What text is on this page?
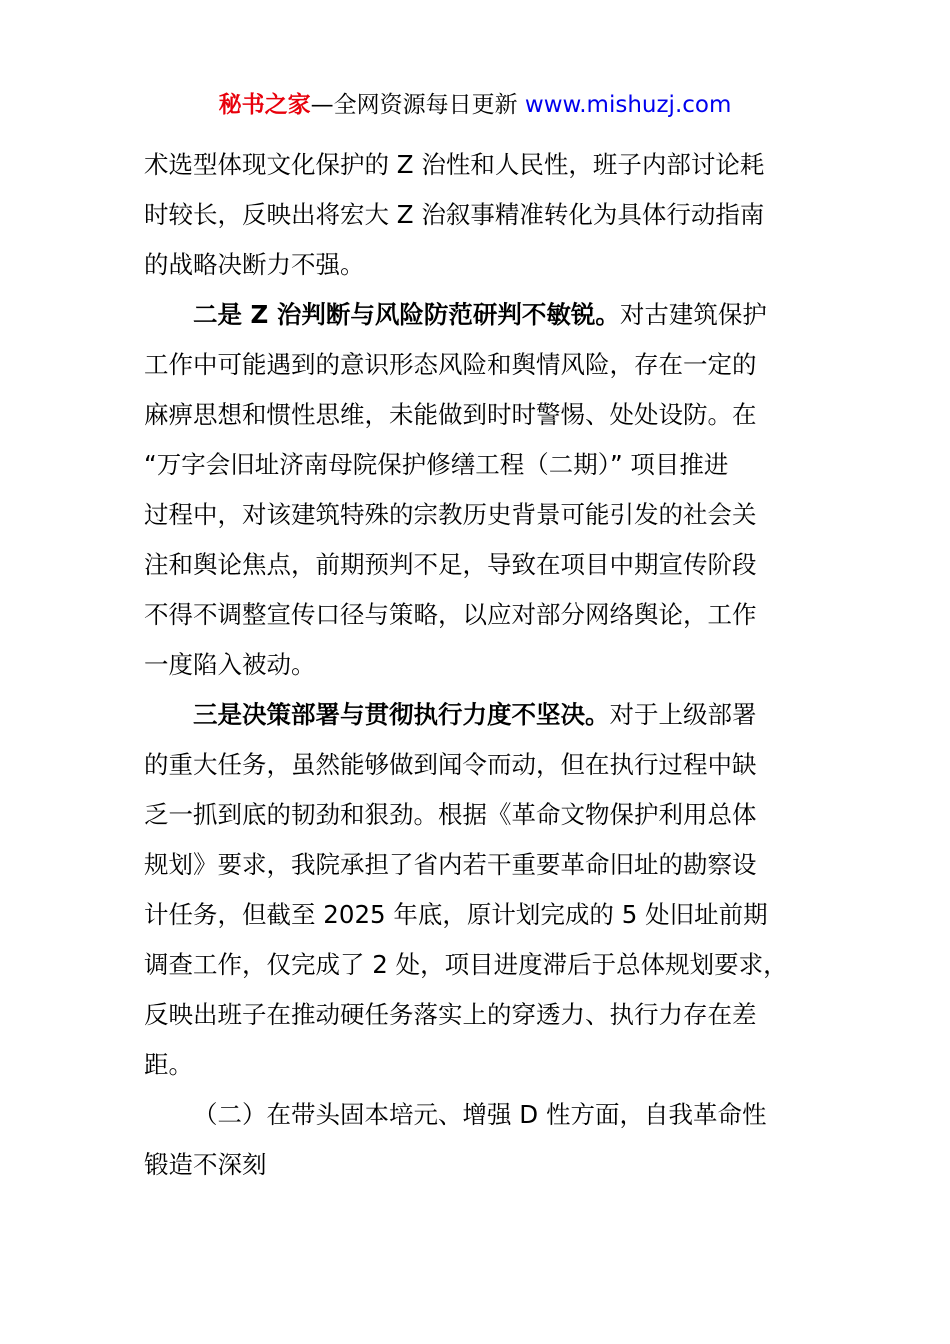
秘书之家—全网资源每日更新 www.mishuzj.com
术选型体现文化保护的 Z 治性和人民性，班子内部讨论耗
时较长，反映出将宏大 Z 治叙事精准转化为具体行动指南
的战略决断力不强。
二是 Z 治判断与风险防范研判不敏锐。对古建筑保护
工作中可能遇到的意识形态风险和舆情风险，存在一定的
麻痹思想和惯性思维，未能做到时时警惕、处处设防。在
“万字会旧址济南母院保护修缮工程（二期）” 项目推进
过程中，对该建筑特殊的宗教历史背景可能引发的社会关
注和舆论焦点，前期预判不足，导致在项目中期宣传阶段
不得不调整宣传口径与策略，以应对部分网络舆论，工作
一度陷入被动。
三是决策部署与贯彻执行力度不坚决。对于上级部署
的重大任务，虽然能够做到闻令而动，但在执行过程中缺
乏一抓到底的韧劲和狠劲。根据《革命文物保护利用总体
规划》要求，我院承担了省内若干重要革命旧址的勘察设
计任务，但截至 2025 年底，原计划完成的 5 处旧址前期
调查工作，仅完成了 2 处，项目进度滞后于总体规划要求，
反映出班子在推动硬任务落实上的穿透力、执行力存在差
距。
（二）在带头固本培元、增强 D 性方面，自我革命性
锻造不深刻
